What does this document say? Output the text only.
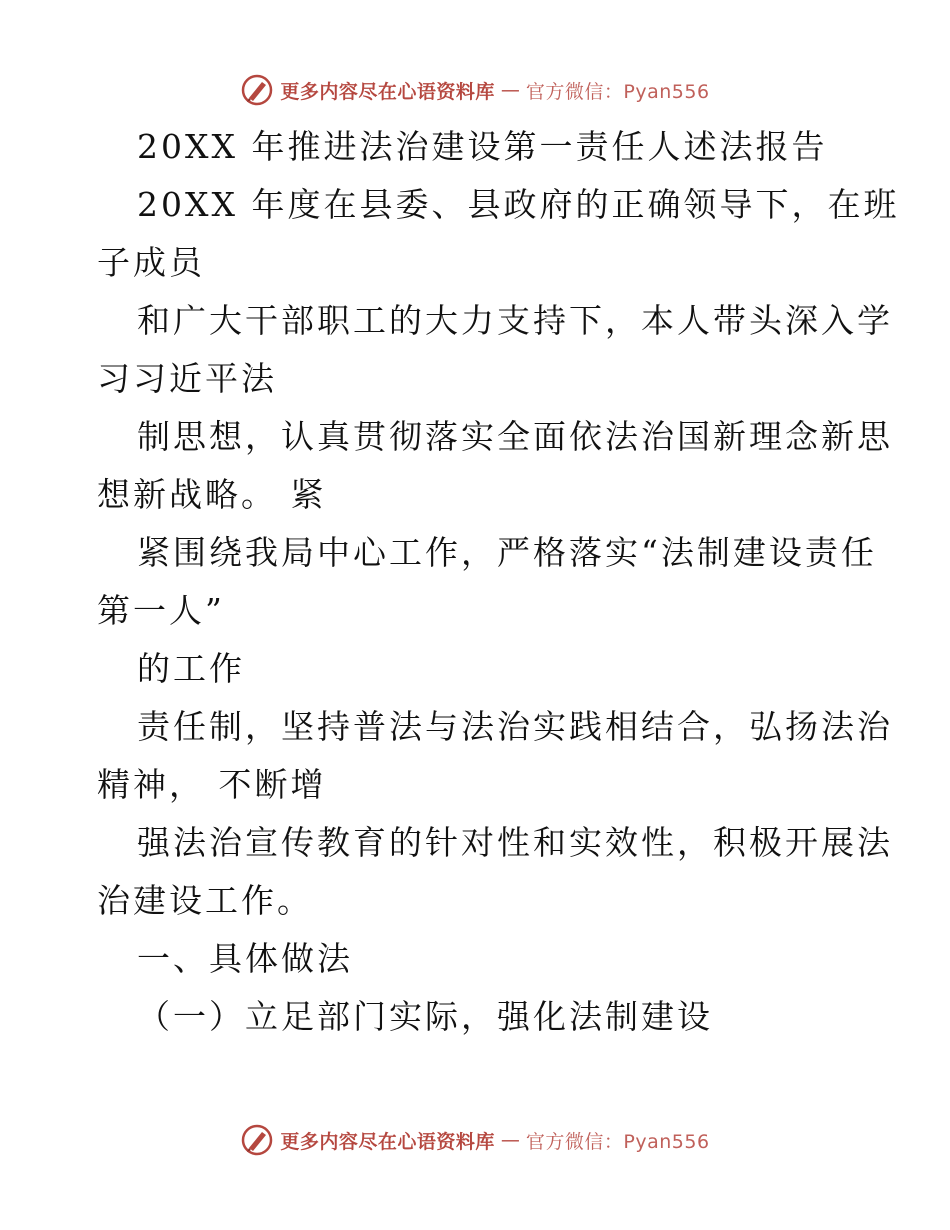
更多内容尽在心语资料库 — 官方微信：Pyan556
20XX 年推进法治建设第一责任人述法报告
20XX 年度在县委、县政府的正确领导下，在班
子成员
和广大干部职工的大力支持下，本人带头深入学
习习近平法
制思想，认真贯彻落实全面依法治国新理念新思
想新战略。 紧
紧围绕我局中心工作，严格落实“法制建设责任
第一人”
的工作
责任制，坚持普法与法治实践相结合，弘扬法治
精神， 不断增
强法治宣传教育的针对性和实效性，积极开展法
治建设工作。
一、具体做法
（一）立足部门实际，强化法制建设
更多内容尽在心语资料库 — 官方微信：Pyan556
